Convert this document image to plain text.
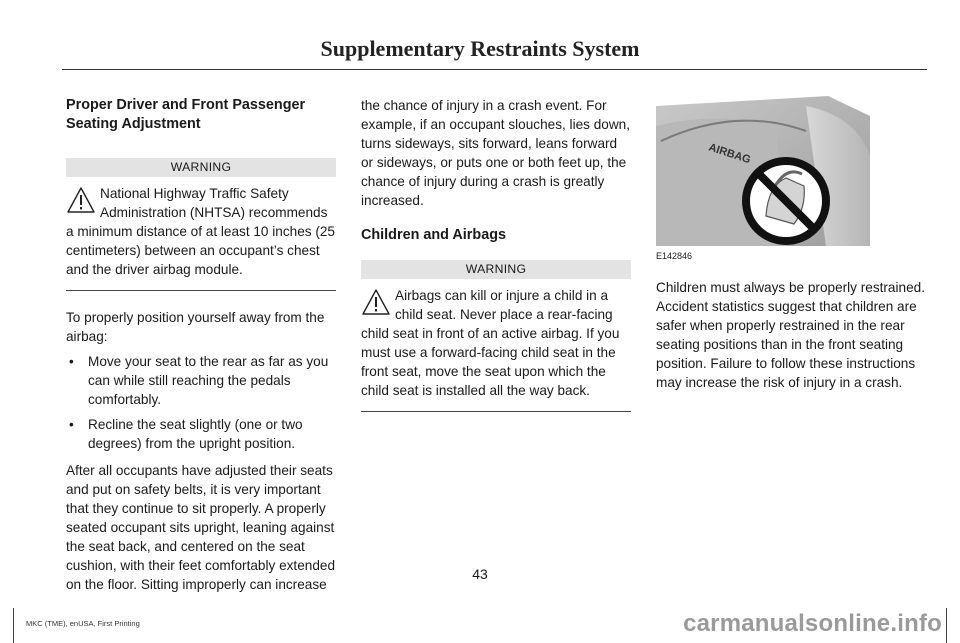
Supplementary Restraints System
Proper Driver and Front Passenger Seating Adjustment
WARNING

National Highway Traffic Safety Administration (NHTSA) recommends a minimum distance of at least 10 inches (25 centimeters) between an occupant’s chest and the driver airbag module.

To properly position yourself away from the airbag:

• Move your seat to the rear as far as you can while still reaching the pedals comfortably.
• Recline the seat slightly (one or two degrees) from the upright position.

After all occupants have adjusted their seats and put on safety belts, it is very important that they continue to sit properly. A properly seated occupant sits upright, leaning against the seat back, and centered on the seat cushion, with their feet comfortably extended on the floor. Sitting improperly can increase

the chance of injury in a crash event. For example, if an occupant slouches, lies down, turns sideways, sits forward, leans forward or sideways, or puts one or both feet up, the chance of injury during a crash is greatly increased.

Children and Airbags
WARNING

Airbags can kill or injure a child in a child seat. Never place a rear-facing child seat in front of an active airbag. If you must use a forward-facing child seat in the front seat, move the seat upon which the child seat is installed all the way back.

AIRBAG
E142846

Children must always be properly restrained. Accident statistics suggest that children are safer when properly restrained in the rear seating positions than in the front seating position. Failure to follow these instructions may increase the risk of injury in a crash.

43
MKC (TME), enUSA, First Printing	carmanualsonline.info
